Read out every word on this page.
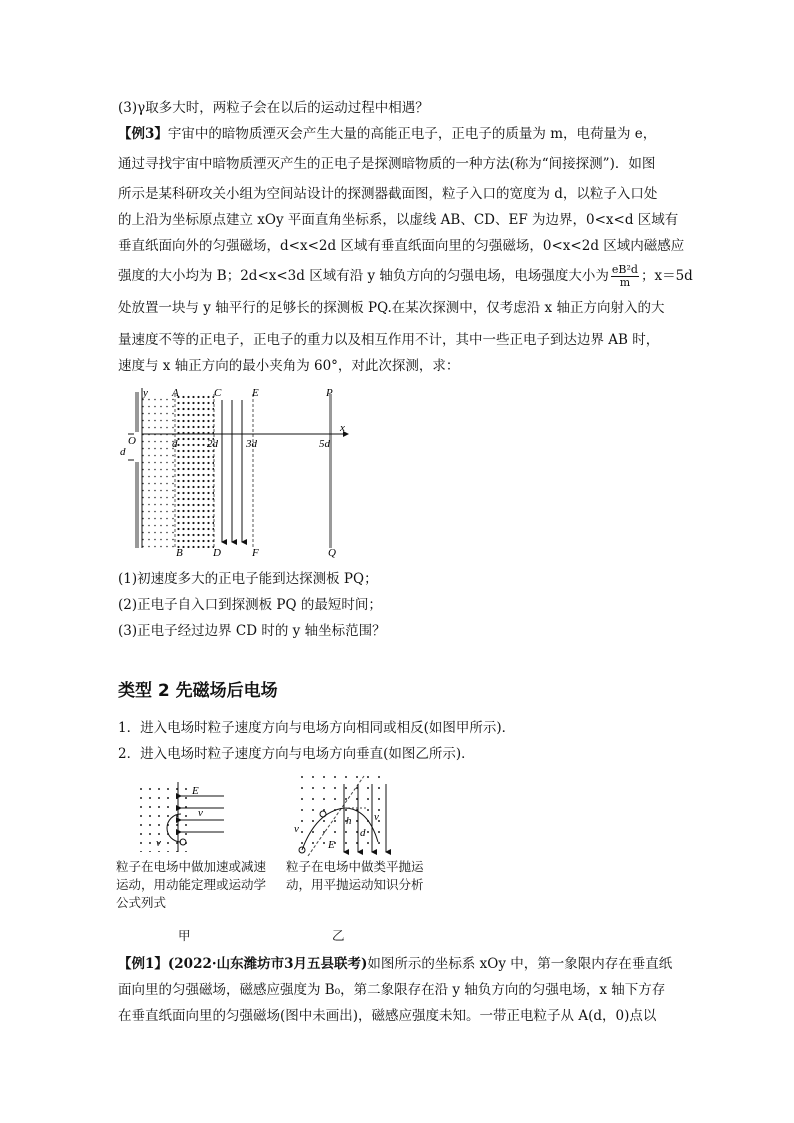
(3)γ取多大时，两粒子会在以后的运动过程中相遇？
【例3】宇宙中的暗物质湮灭会产生大量的高能正电子，正电子的质量为 m，电荷量为 e，
通过寻找宇宙中暗物质湮灭产生的正电子是探测暗物质的一种方法(称为“间接探测”)．如图
所示是某科研攻关小组为空间站设计的探测器截面图，粒子入口的宽度为 d，以粒子入口处
的上沿为坐标原点建立 xOy 平面直角坐标系，以虚线 AB、CD、EF 为边界，0<x<d 区域有
垂直纸面向外的匀强磁场，d<x<2d 区域有垂直纸面向里的匀强磁场，0<x<2d 区域内磁感应
强度的大小均为 B；2d<x<3d 区域有沿 y 轴负方向的匀强电场，电场强度大小为 $\frac{\text{eB²d}}{m}$ ；x＝5d
处放置一块与 y 轴平行的足够长的探测板 PQ.在某次探测中，仅考虑沿 x 轴正方向射入的大
量速度不等的正电子，正电子的重力以及相互作用不计，其中一些正电子到达边界 AB 时，
速度与 x 轴正方向的最小夹角为 60°，对此次探测，求：
y
x
O
d
A	C	E	P
d	2d	3d	5d
B	D	F	Q
(1)初速度多大的正电子能到达探测板 PQ；
(2)正电子自入口到探测板 PQ 的最短时间；
(3)正电子经过边界 CD 时的 y 轴坐标范围？
类型 2 先磁场后电场
1．进入电场时粒子速度方向与电场方向相同或相反(如图甲所示)．
2．进入电场时粒子速度方向与电场方向垂直(如图乙所示)．
E
v
v
粒子在电场中做加速或减速运动，用动能定理或运动学公式列式
甲
v
v
h
d
E
粒子在电场中做类平抛运动，用平抛运动知识分析
乙
【例1】(2022·山东潍坊市3月五县联考)如图所示的坐标系 xOy 中，第一象限内存在垂直纸
面向里的匀强磁场，磁感应强度为 B₀，第二象限存在沿 y 轴负方向的匀强电场，x 轴下方存
在垂直纸面向里的匀强磁场(图中未画出)，磁感应强度未知。一带正电粒子从 A(d，0)点以
